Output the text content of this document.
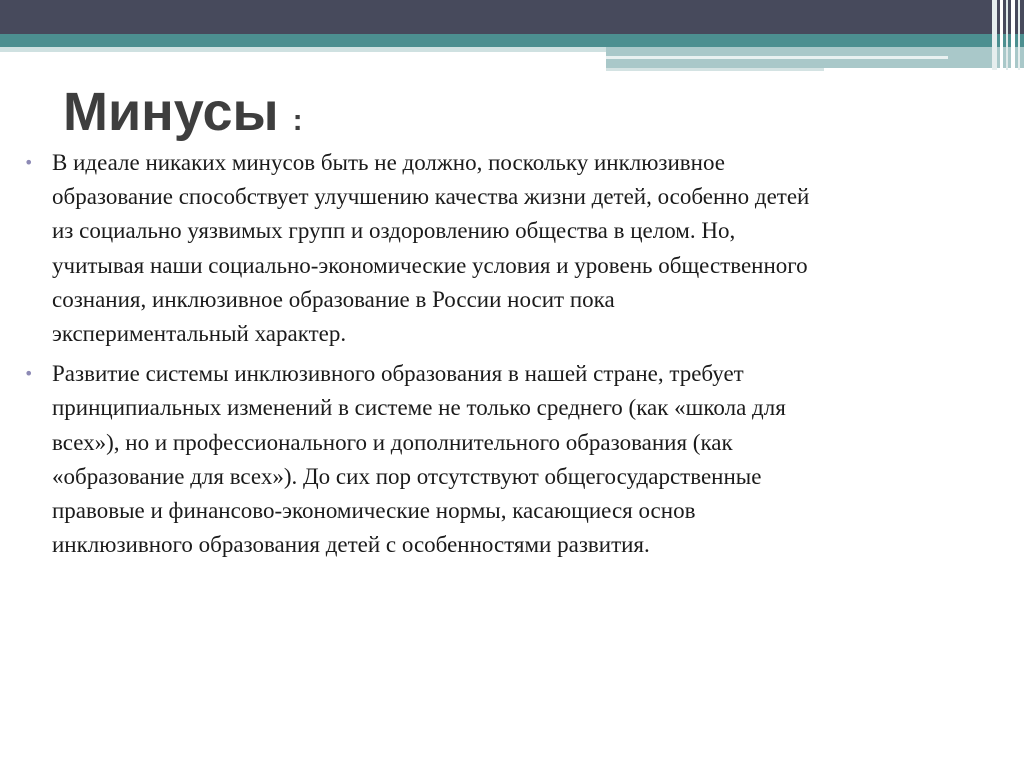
Минусы :
• В идеале никаких минусов быть не должно, поскольку инклюзивное
образование способствует улучшению качества жизни детей, особенно детей
из социально уязвимых групп и оздоровлению общества в целом. Но,
учитывая наши социально-экономические условия и уровень общественного
сознания, инклюзивное образование в России носит пока
экспериментальный характер.
• Развитие системы инклюзивного образования в нашей стране, требует
принципиальных изменений в системе не только среднего (как «школа для
всех»), но и профессионального и дополнительного образования (как
«образование для всех»). До сих пор отсутствуют общегосударственные
правовые и финансово-экономические нормы, касающиеся основ
инклюзивного образования детей с особенностями развития.
